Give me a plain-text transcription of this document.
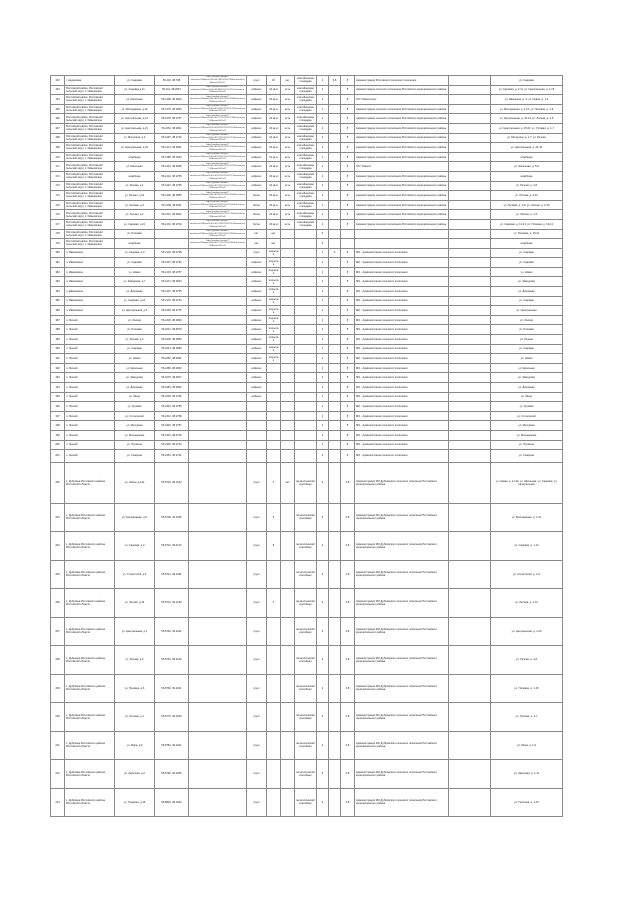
162	г. Андреевка	ул. Садовая	56.216, 38.738	https://yandex.ru/maps/?whatshere%5Bpoint%5D=38.738%2C56.216&whatshere%5Bzoom%5D=17	грунт	16	нет	контейнерная площадка	1	0,8	8	Администрация Ростовского сельского поселения		ул. Садовая
163	Ростовский район, Ростовский сельский округ, с. Ивановское	ул. Садовая д.11	56.211, 38.2801	https://yandex.ru/maps/?whatshere%5Bpoint%5D=38.2801%2C56.211&whatshere%5Bzoom%5D=17	асфальт	16 кв.м	есть	контейнерная площадка	1		8	Администрация сельского поселения Ростовского муниципального района		ул. Садовая, д. 2-11; ул. Центральная, д. 1-15
164	Ростовский район, Ростовский сельский округ, с. Ивановское	ул. Школьная	56.2128, 38.2810	https://yandex.ru/maps/?whatshere%5Bpoint%5D=38.2810%2C56.2128&whatshere%5Bzoom%5D=17	асфальт	16 кв.м	есть	контейнерная площадка	1		8	ГОУ "Школа-сад"		ул. Школьная, д. 4; ул. Новая, д. 1-3
165	Ростовский район, Ростовский сельский округ, с. Ивановское	ул. Молодежная, д.16	56.2175, 38.2830	https://yandex.ru/maps/?whatshere%5Bpoint%5D=38.2830%2C56.2175&whatshere%5Bzoom%5D=17	асфальт	16 кв.м	есть	контейнерная площадка	1		8	Администрация сельского поселения Ростовского муниципального района		ул. Молодежная, д. 1-16; ул. Полевая, д. 1-9
166	Ростовский район, Ростовский сельский округ, с. Ивановское	ул. Центральная, д.14	56.2178, 38.2757	https://yandex.ru/maps/?whatshere%5Bpoint%5D=38.2757%2C56.2178&whatshere%5Bzoom%5D=17	асфальт	16 кв.м	есть	контейнерная площадка	1		8	Администрация сельского поселения Ростовского муниципального района		ул. Центральная, д. 10-14; ул. Лесная, д. 1-5
167	Ростовский район, Ростовский сельский округ, с. Ивановское	ул. Центральная, д.21	56.2161, 38.2811	https://yandex.ru/maps/?whatshere%5Bpoint%5D=38.2811%2C56.2161&whatshere%5Bzoom%5D=17	асфальт	16 кв.м	есть	контейнерная площадка	1		8	Администрация сельского поселения Ростовского муниципального района		ул. Центральная, д. 15-21; ул. Луговая, д. 1-7
168	Ростовский район, Ростовский сельский округ, с. Ивановское	ул. Мичурина, д.2	56.2197, 38.2742	https://yandex.ru/maps/?whatshere%5Bpoint%5D=38.2742%2C56.2197&whatshere%5Bzoom%5D=17	асфальт	16 кв.м	есть	контейнерная площадка	1		8	Администрация сельского поселения Ростовского муниципального района		ул. Мичурина, д. 1-7; ул. Речная
169	Ростовский район, Ростовский сельский округ, с. Ивановское	ул. Центральная, д.43	56.2174, 38.2841	https://yandex.ru/maps/?whatshere%5Bpoint%5D=38.2841%2C56.2174&whatshere%5Bzoom%5D=17	асфальт	16 кв.м	есть	контейнерная площадка	1		8	Администрация сельского поселения Ростовского муниципального района		ул. Центральная, д. 22-43
170	Ростовский район, Ростовский сельский округ, с. Ивановское	кладбище	56.2185, 38.2924	https://yandex.ru/maps/?whatshere%5Bpoint%5D=38.2924%2C56.2185&whatshere%5Bzoom%5D=17	асфальт	12 кв.м	есть	контейнерная площадка	1		8	Администрация сельского поселения Ростовского муниципального района		кладбище
171	Ростовский район, Ростовский сельский округ, с. Ивановское	ул. Школьная	56.2141, 38.2838	https://yandex.ru/maps/?whatshere%5Bpoint%5D=38.2838%2C56.2141&whatshere%5Bzoom%5D=17	асфальт	16 кв.м	есть	контейнерная площадка	1		8	ГОУ "Школа"		ул. Школьная, д. 5-8
172	Ростовский район, Ростовский сельский округ, с. Ивановское	кладбище	56.2121, 38.2765	https://yandex.ru/maps/?whatshere%5Bpoint%5D=38.2765%2C56.2121&whatshere%5Bzoom%5D=17	асфальт	16 кв.м	есть	контейнерная площадка	1		8	Администрация сельского поселения Ростовского муниципального района		кладбище
173	Ростовский район, Ростовский сельский округ, с. Ивановское	ул. Речная, д.1	56.2142, 38.2765	https://yandex.ru/maps/?whatshere%5Bpoint%5D=38.2765%2C56.2142&whatshere%5Bzoom%5D=17	асфальт	16 кв.м	есть	контейнерная площадка	1		8	Администрация сельского поселения Ростовского муниципального района		ул. Речная, д. 1-8
174	Ростовский район, Ростовский сельский округ, с. Ивановское	ул. Речная, д.12	56.2126, 38.2850	https://yandex.ru/maps/?whatshere%5Bpoint%5D=38.2850%2C56.2126&whatshere%5Bzoom%5D=17	бетон	16 кв.м	есть	контейнерная площадка	1		8	Администрация сельского поселения Ростовского муниципального района		ул. Речная, д. 9-12
175	Ростовский район, Ростовский сельский округ, с. Ивановское	ул. Луговая, д.3	56.2109, 38.2811	https://yandex.ru/maps/?whatshere%5Bpoint%5D=38.2811%2C56.2109&whatshere%5Bzoom%5D=17	бетон	16 кв.м	есть	контейнерная площадка	1		8	Администрация сельского поселения Ростовского муниципального района		ул. Луговая, д. 1-9; ул. Лесная, д. 6-10
176	Ростовский район, Ростовский сельский округ, с. Ивановское	ул. Лесная, д.2	56.2113, 38.2820	https://yandex.ru/maps/?whatshere%5Bpoint%5D=38.2820%2C56.2113&whatshere%5Bzoom%5D=17	бетон	16 кв.м	есть	контейнерная площадка	1		8	Администрация сельского поселения Ростовского муниципального района		ул. Лесная, д. 1-5
177	Ростовский район, Ростовский сельский округ, с. Ивановское	ул. Садовая, д.21	56.2101, 38.2743	https://yandex.ru/maps/?whatshere%5Bpoint%5D=38.2743%2C56.2101&whatshere%5Bzoom%5D=17	бетон	16 кв.м	есть	контейнерная площадка	1		8	Администрация сельского поселения Ростовского муниципального района		ул. Садовая, д. 12-21; ул. Полевая, д. 10-14
178	Ростовский район, Ростовский сельский округ, с. Ивановское	ул. Полевая		https://yandex.ru/maps/?whatshere%5Bpoint%5D=38.2720%2C56.2090&whatshere%5Bzoom%5D=17	нет	нет			0					ул. Полевая, д. 15-21
179	Ростовский район, Ростовский сельский округ, с. Ивановское	кладбище		https://yandex.ru/maps/?whatshere%5Bpoint%5D=38.2711%2C56.2082&whatshere%5Bzoom%5D=17	нет	нет			0					кладбище
180	п. Ивановское	ул. Садовая, д.3	56.2102, 38.2798		грунт	открытая			1	0	8	МО - Администрация сельского поселения		ул. Садовая
181	п. Ивановское	ул. Садовая	56.2107, 38.2763		асфальт	открытая			1		8	МО - Администрация сельского поселения		ул. Садовая
182	п. Ивановское	ул. Новая	56.2133, 38.2757		асфальт	открытая			1		8	МО - Администрация сельского поселения		ул. Новая
183	п. Ивановское	ул. Заводская, д.7	56.2171, 38.2813		асфальт	открытая			1		8	МО - Администрация сельского поселения		ул. Заводская
184	п. Ивановское	ул. Дорожная	56.2137, 38.2735		асфальт	открытая			1		8	МО - Администрация сельского поселения		ул. Дорожная
185	п. Ивановское	ул. Садовая, д.12	56.2176, 38.2740		асфальт	открытая			1		8	МО - Администрация сельского поселения		ул. Садовая
186	п. Ивановское	ул. Центральная, д.2	56.2193, 38.2776		асфальт	открытая			1		8	МО - Администрация сельского поселения		ул. Центральная
187	п. Лесной	ул. Лесная	56.2215, 38.2893		асфальт	открытая			1		8	МО - Администрация сельского поселения		ул. Лесная
188	п. Лесной	ул. Полевая	56.2211, 38.2870		асфальт	открытая			1		8	МО - Администрация сельского поселения		ул. Полевая
189	п. Лесной	ул. Речная, д.4	56.2230, 38.2856		асфальт	открытая			1		8	МО - Администрация сельского поселения		ул. Речная
190	п. Лесной	ул. Садовая	56.2241, 38.2890		асфальт	открытая			1		8	МО - Администрация сельского поселения		ул. Садовая
191	п. Лесной	ул. Новая	56.2252, 38.2841		асфальт	открытая			1		8	МО - Администрация сельского поселения		ул. Новая
192	п. Лесной	ул. Школьная	56.2266, 38.2833		асфальт				1		8	МО - Администрация сельского поселения		ул. Школьная
193	п. Лесной	ул. Заводская	56.2270, 38.2817		асфальт				1		8	МО - Администрация сельского поселения		ул. Заводская
194	п. Лесной	ул. Дорожная	56.2281, 38.2802		асфальт				1		8	МО - Администрация сельского поселения		ул. Дорожная
195	п. Лесной	ул. Мира	56.2293, 38.2791		асфальт				1		8	МО - Администрация сельского поселения		ул. Мира
196	п. Лесной	ул. Луговая	56.2301, 38.2780						1		8	МО - Администрация сельского поселения		ул. Луговая
197	п. Лесной	ул. Строителей	56.2312, 38.2768						1		8	МО - Администрация сельского поселения		ул. Строителей
198	п. Лесной	ул. Мичурина	56.2320, 38.2757						1		8	МО - Администрация сельского поселения		ул. Мичурина
199	п. Лесной	ул. Молодежная	56.2331, 38.2745						1		8	МО - Администрация сельского поселения		ул. Молодежная
200	п. Лесной	ул. Пушкина	56.2340, 38.2733						1		8	МО - Администрация сельского поселения		ул. Пушкина
201	п. Лесной	ул. Гагарина	56.2351, 38.2721						1		8	МО - Администрация сельского поселения		ул. Гагарина
202	с. Дубровка Ростовского района Ростовской области	ул. Новая, д.13а	56.8702, 39.2152		грунт	4	нет	металлический контейнер	2		0,8	Администрация МО Дубровского сельского поселения Ростовского муниципального района		ул. Новая, д. 1-13а; ул. Школьная; ул. Садовая; ул. Центральная
203	с. Дубровка Ростовского района Ростовской области	ул. Молодежная, д.5	56.8706, 39.2165		грунт	5		металлический контейнер	2		0,8	Администрация МО Дубровского сельского поселения Ростовского муниципального района		ул. Молодежная, д. 1-10
204	с. Дубровка Ростовского района Ростовской области	ул. Садовая, д.2	56.8712, 39.2170		грунт	8		металлический контейнер	2		0,8	Администрация МО Дубровского сельского поселения Ростовского муниципального района		ул. Садовая, д. 1-12
205	с. Дубровка Ростовского района Ростовской области	ул. Строителей, д.4	56.8721, 39.2181		грунт			металлический контейнер	2		0,8	Администрация МО Дубровского сельского поселения Ростовского муниципального района		ул. Строителей, д. 1-9
206	с. Дубровка Ростовского района Ростовской области	ул. Лесная, д.12	56.8731, 39.2192		грунт	4		металлический контейнер	2		0,8	Администрация МО Дубровского сельского поселения Ростовского муниципального района		ул. Лесная, д. 1-12
207	с. Дубровка Ростовского района Ростовской области	ул. Центральная, д.1	56.8740, 39.2201		грунт			металлический контейнер	2		0,8	Администрация МО Дубровского сельского поселения Ростовского муниципального района		ул. Центральная, д. 1-20
208	с. Дубровка Ростовского района Ростовской области	ул. Речная, д.3	56.8751, 39.2210		грунт			металлический контейнер	2		0,8	Администрация МО Дубровского сельского поселения Ростовского муниципального района		ул. Речная, д. 1-8
209	с. Дубровка Ростовского района Ростовской области	ул. Полевая, д.6	56.8762, 39.2221		грунт			металлический контейнер	2		0,8	Администрация МО Дубровского сельского поселения Ростовского муниципального района		ул. Полевая, д. 1-15
210	с. Дубровка Ростовского района Ростовской области	ул. Луговая, д.1	56.8770, 39.2230		грунт			металлический контейнер	2		0,8	Администрация МО Дубровского сельского поселения Ростовского муниципального района		ул. Луговая, д. 1-7
211	с. Дубровка Ростовского района Ростовской области	ул. Мира, д.9	56.8781, 39.2241		грунт			металлический контейнер	2		0,8	Администрация МО Дубровского сельского поселения Ростовского муниципального района		ул. Мира, д. 1-9
212	с. Дубровка Ростовского района Ростовской области	ул. Заречная, д.2	56.8790, 39.2250		грунт			металлический контейнер	2		0,8	Администрация МО Дубровского сельского поселения Ростовского муниципального района		ул. Заречная, д. 1-11
213	с. Дубровка Ростовского района Ростовской области	ул. Пушкина, д.15	56.8802, 39.2262		грунт			металлический контейнер	2		0,8	Администрация МО Дубровского сельского поселения Ростовского муниципального района		ул. Пушкина, д. 1-15
